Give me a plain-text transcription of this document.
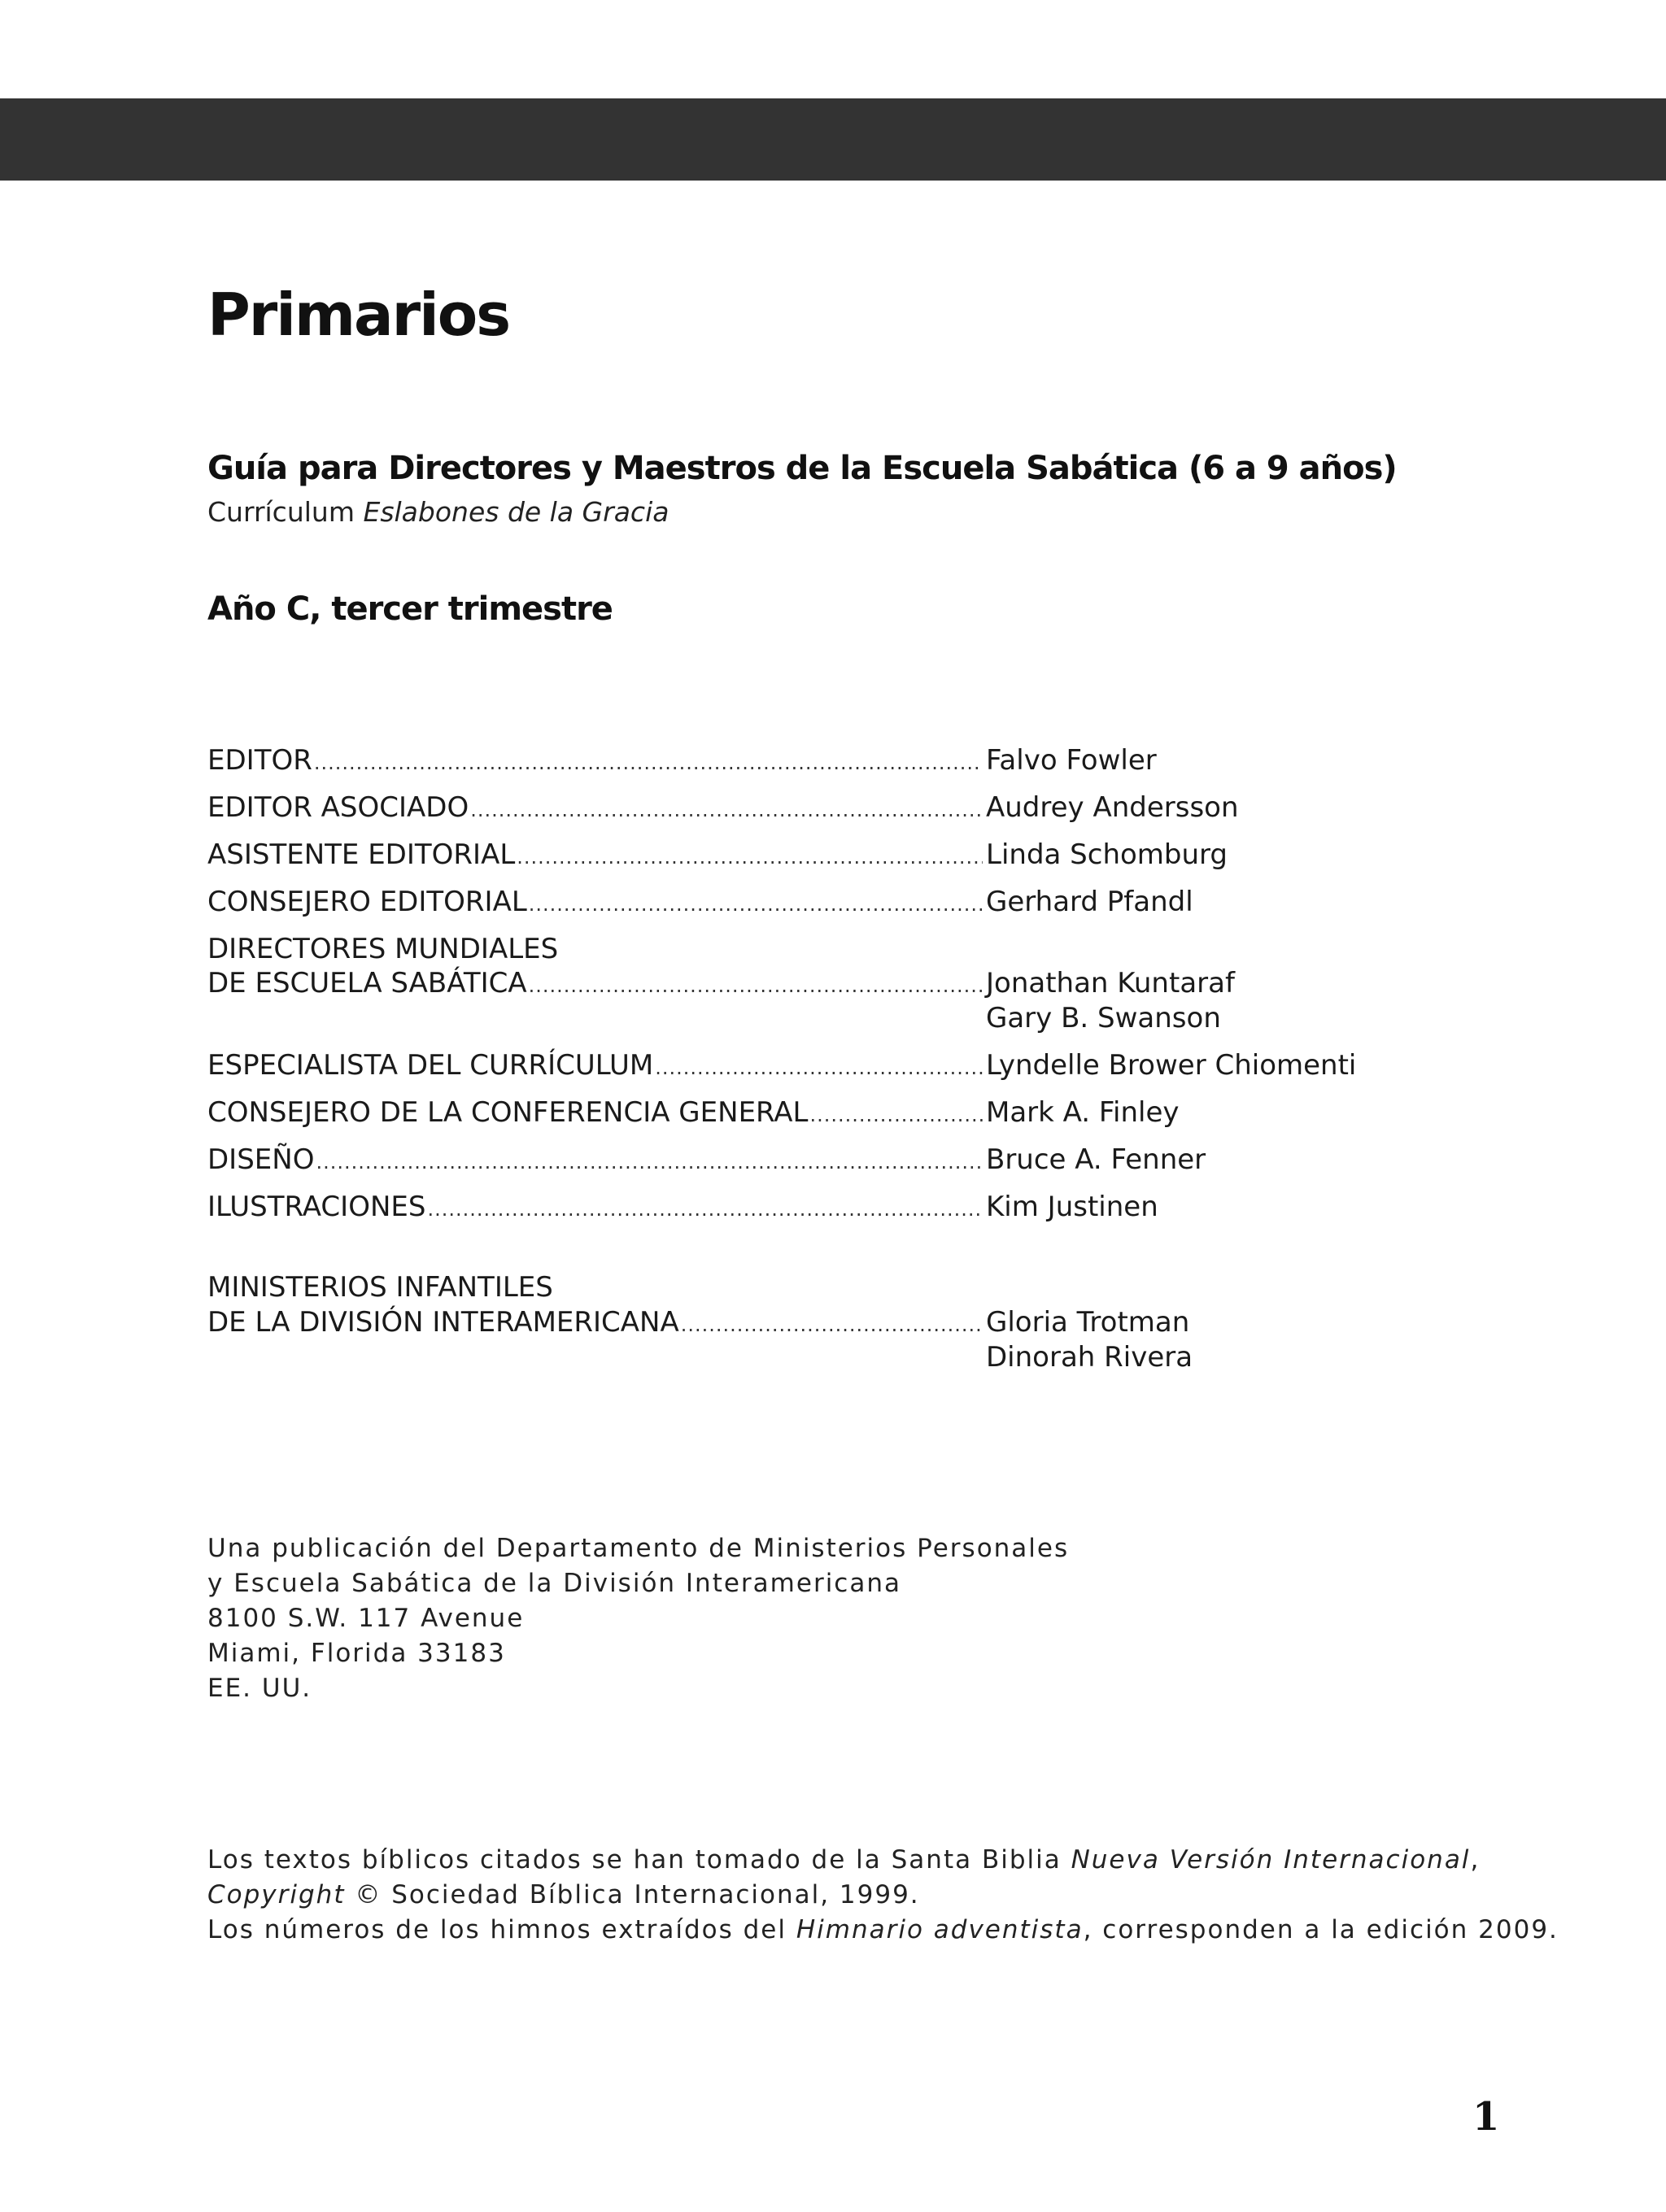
Primarios
Guía para Directores y Maestros de la Escuela Sabática (6 a 9 años)
Currículum Eslabones de la Gracia
Año C, tercer trimestre
EDITOR .....	Falvo Fowler
EDITOR ASOCIADO .....	Audrey Andersson
ASISTENTE EDITORIAL .....	Linda Schomburg
CONSEJERO EDITORIAL .....	Gerhard Pfandl
DIRECTORES MUNDIALES
DE ESCUELA SABÁTICA .....	Jonathan Kuntaraf
Gary B. Swanson
ESPECIALISTA DEL CURRÍCULUM .....	Lyndelle Brower Chiomenti
CONSEJERO DE LA CONFERENCIA GENERAL .....	Mark A. Finley
DISEÑO .....	Bruce A. Fenner
ILUSTRACIONES .....	Kim Justinen
MINISTERIOS INFANTILES
DE LA DIVISIÓN INTERAMERICANA .....	Gloria Trotman
Dinorah Rivera
Una publicación del Departamento de Ministerios Personales
y Escuela Sabática de la División Interamericana
8100 S.W. 117 Avenue
Miami, Florida 33183
EE. UU.
Los textos bíblicos citados se han tomado de la Santa Biblia Nueva Versión Internacional,
Copyright © Sociedad Bíblica Internacional, 1999.
Los números de los himnos extraídos del Himnario adventista, corresponden a la edición 2009.
1
